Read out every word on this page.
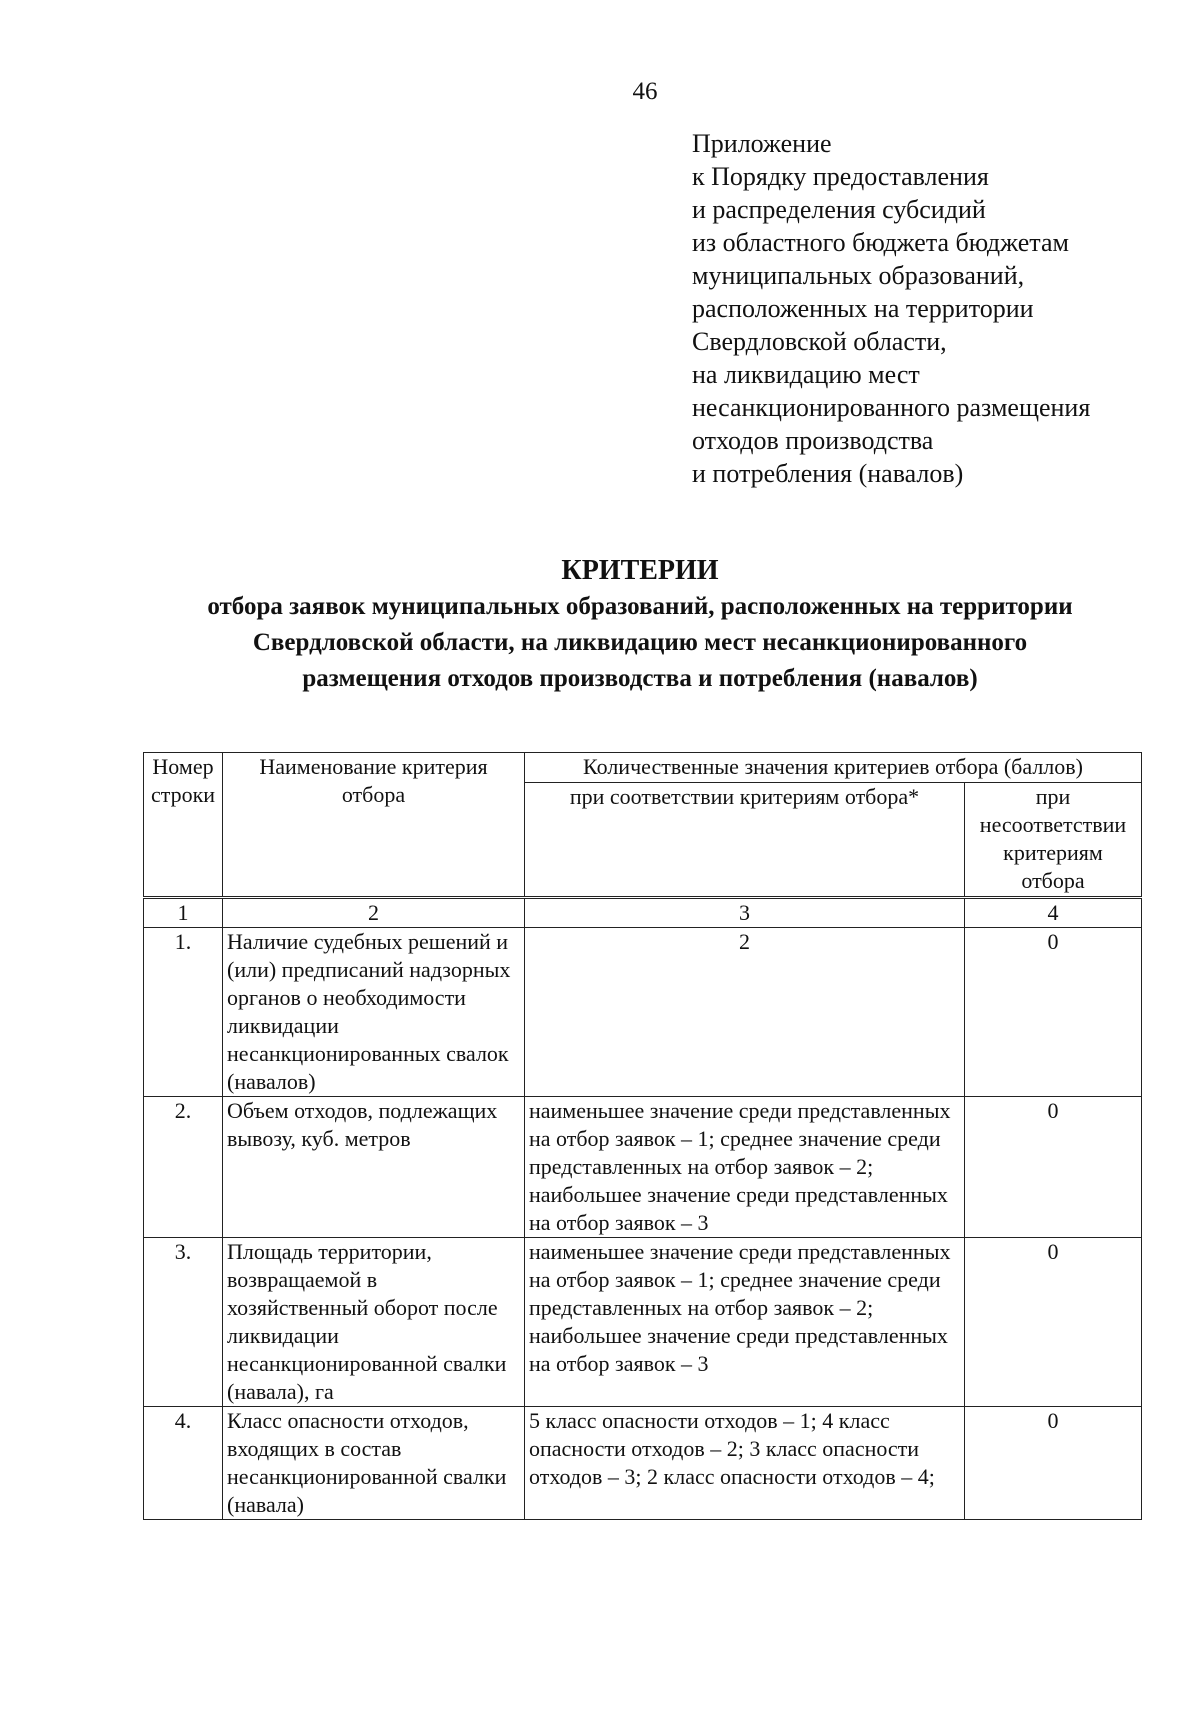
46
Приложение
к Порядку предоставления
и распределения субсидий
из областного бюджета бюджетам
муниципальных образований,
расположенных на территории
Свердловской области,
на ликвидацию мест
несанкционированного размещения
отходов производства
и потребления (навалов)
КРИТЕРИИ
отбора заявок муниципальных образований, расположенных на территории
Свердловской области, на ликвидацию мест несанкционированного
размещения отходов производства и потребления (навалов)
Номер строки	Наименование критерия отбора	Количественные значения критериев отбора (баллов)	
		при соответствии критериям отбора*	при несоответствии критериям отбора
1	2	3	4
1.	Наличие судебных решений и (или) предписаний надзорных органов о необходимости ликвидации несанкционированных свалок (навалов)	2	0
2.	Объем отходов, подлежащих вывозу, куб. метров	наименьшее значение среди представленных на отбор заявок – 1; среднее значение среди представленных на отбор заявок – 2; наибольшее значение среди представленных на отбор заявок – 3	0
3.	Площадь территории, возвращаемой в хозяйственный оборот после ликвидации несанкционированной свалки (навала), га	наименьшее значение среди представленных на отбор заявок – 1; среднее значение среди представленных на отбор заявок – 2; наибольшее значение среди представленных на отбор заявок – 3	0
4.	Класс опасности отходов, входящих в состав несанкционированной свалки (навала)	5 класс опасности отходов – 1; 4 класс опасности отходов – 2; 3 класс опасности отходов – 3; 2 класс опасности отходов – 4;	0
